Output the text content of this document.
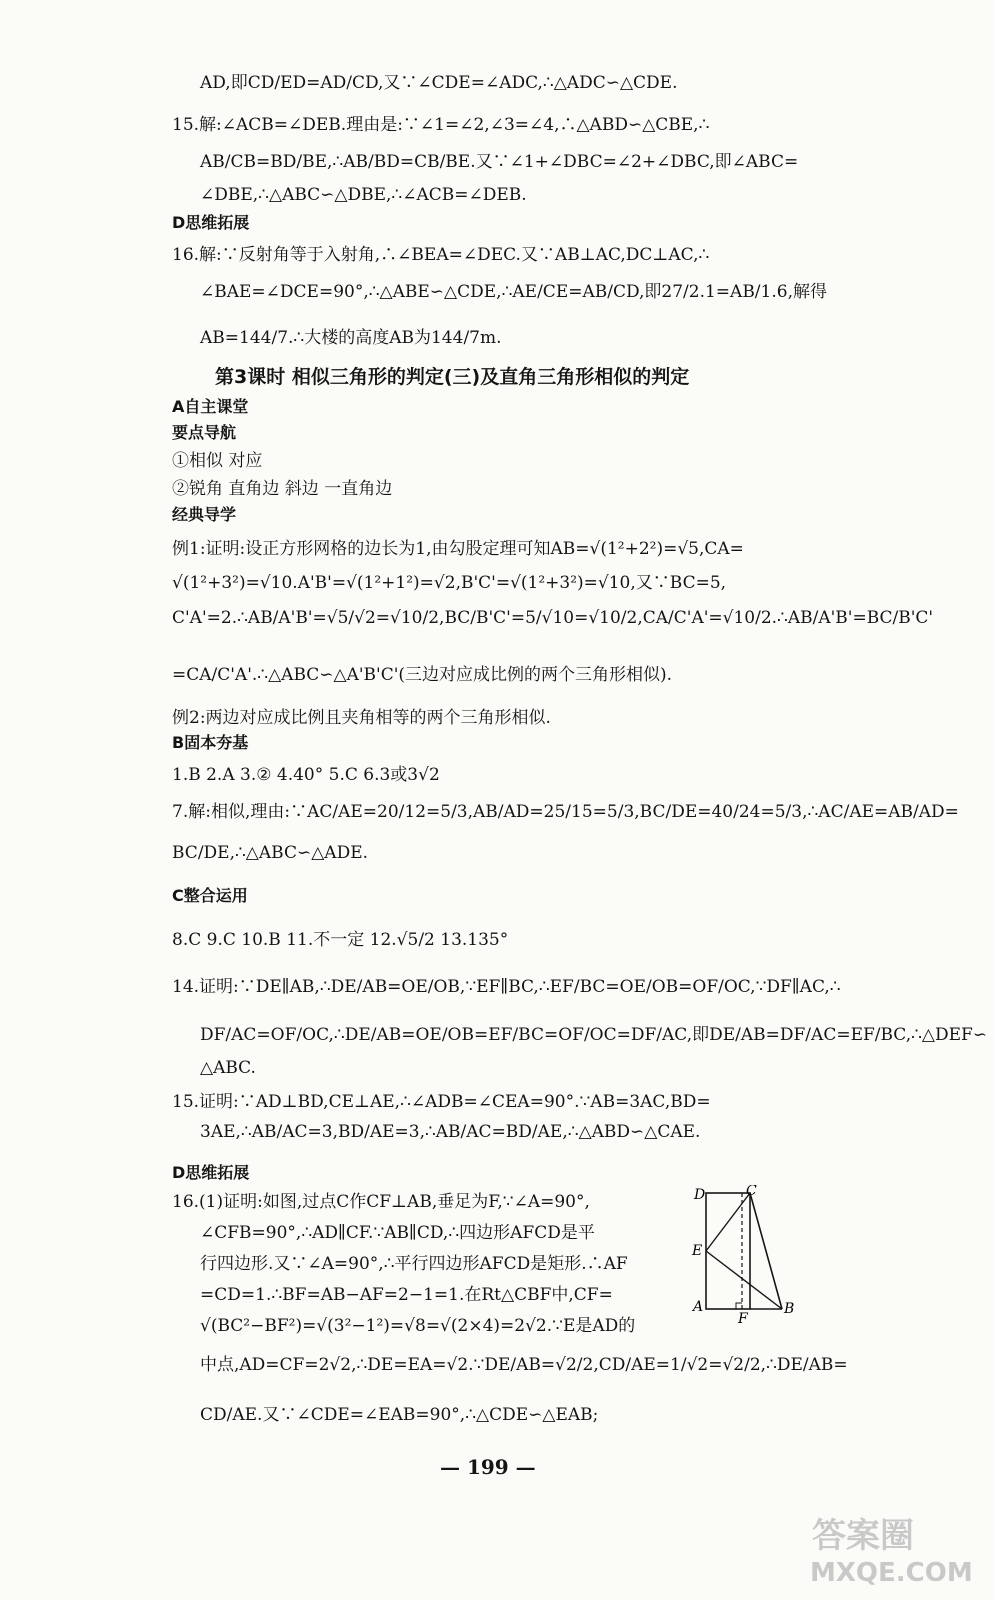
AD,即CD/ED=AD/CD,又∵∠CDE=∠ADC,∴△ADC∽△CDE.
15.解:∠ACB=∠DEB.理由是:∵∠1=∠2,∠3=∠4,∴△ABD∽△CBE,∴
AB/CB=BD/BE,∴AB/BD=CB/BE.又∵∠1+∠DBC=∠2+∠DBC,即∠ABC=
∠DBE,∴△ABC∽△DBE,∴∠ACB=∠DEB.
D思维拓展
16.解:∵反射角等于入射角,∴∠BEA=∠DEC.又∵AB⊥AC,DC⊥AC,∴
∠BAE=∠DCE=90°,∴△ABE∽△CDE,∴AE/CE=AB/CD,即27/2.1=AB/1.6,解得
AB=144/7.∴大楼的高度AB为144/7m.
第3课时 相似三角形的判定(三)及直角三角形相似的判定
A自主课堂
要点导航
①相似 对应
②锐角 直角边 斜边 一直角边
经典导学
例1:证明:设正方形网格的边长为1,由勾股定理可知AB=√(1²+2²)=√5,CA=
√(1²+3²)=√10.A'B'=√(1²+1²)=√2,B'C'=√(1²+3²)=√10,又∵BC=5,
C'A'=2.∴AB/A'B'=√5/√2=√10/2,BC/B'C'=5/√10=√10/2,CA/C'A'=√10/2.∴AB/A'B'=BC/B'C'
=CA/C'A'.∴△ABC∽△A'B'C'(三边对应成比例的两个三角形相似).
例2:两边对应成比例且夹角相等的两个三角形相似.
B固本夯基
1.B 2.A 3.② 4.40° 5.C 6.3或3√2
7.解:相似,理由:∵AC/AE=20/12=5/3,AB/AD=25/15=5/3,BC/DE=40/24=5/3,∴AC/AE=AB/AD=
BC/DE,∴△ABC∽△ADE.
C整合运用
8.C 9.C 10.B 11.不一定 12.√5/2 13.135°
14.证明:∵DE∥AB,∴DE/AB=OE/OB,∵EF∥BC,∴EF/BC=OE/OB=OF/OC,∵DF∥AC,∴
DF/AC=OF/OC,∴DE/AB=OE/OB=EF/BC=OF/OC=DF/AC,即DE/AB=DF/AC=EF/BC,∴△DEF∽
△ABC.
15.证明:∵AD⊥BD,CE⊥AE,∴∠ADB=∠CEA=90°.∵AB=3AC,BD=
3AE,∴AB/AC=3,BD/AE=3,∴AB/AC=BD/AE,∴△ABD∽△CAE.
D思维拓展
16.(1)证明:如图,过点C作CF⊥AB,垂足为F,∵∠A=90°,
∠CFB=90°,∴AD∥CF.∵AB∥CD,∴四边形AFCD是平
行四边形.又∵∠A=90°,∴平行四边形AFCD是矩形.∴AF
=CD=1.∴BF=AB−AF=2−1=1.在Rt△CBF中,CF=
√(BC²−BF²)=√(3²−1²)=√8=√(2×4)=2√2.∵E是AD的
中点,AD=CF=2√2,∴DE=EA=√2.∵DE/AB=√2/2,CD/AE=1/√2=√2/2,∴DE/AB=
CD/AE.又∵∠CDE=∠EAB=90°,∴△CDE∽△EAB;
D	C
E
A
F
B
— 199 —
答案圈
MXQE.COM
